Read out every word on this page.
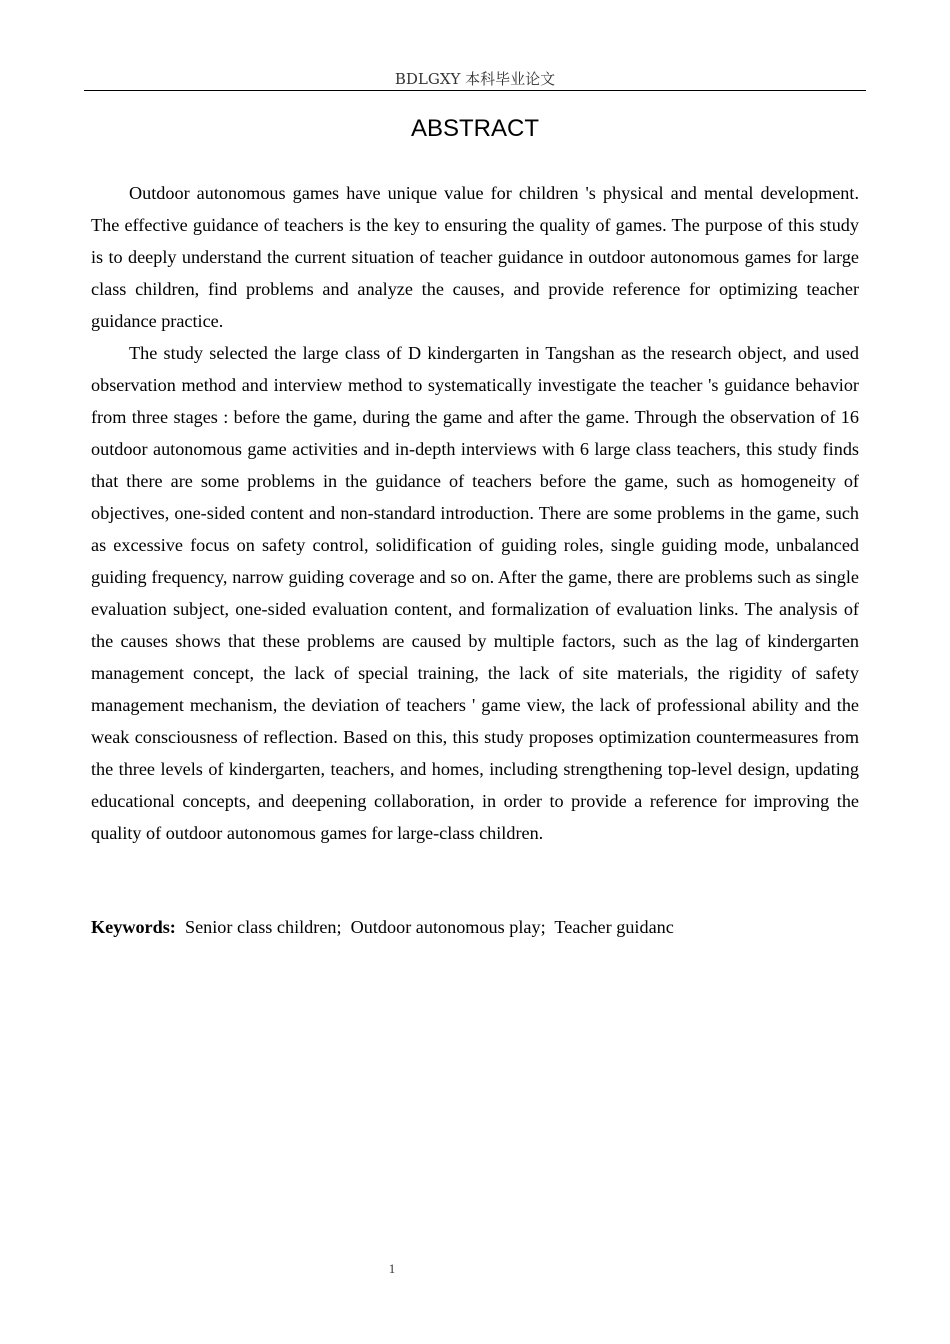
BDLGXY 本科毕业论文
ABSTRACT

Outdoor autonomous games have unique value for children 's physical and mental development. The effective guidance of teachers is the key to ensuring the quality of games. The purpose of this study is to deeply understand the current situation of teacher guidance in outdoor autonomous games for large class children, find problems and analyze the causes, and provide reference for optimizing teacher guidance practice.

The study selected the large class of D kindergarten in Tangshan as the research object, and used observation method and interview method to systematically investigate the teacher 's guidance behavior from three stages : before the game, during the game and after the game. Through the observation of 16 outdoor autonomous game activities and in-depth interviews with 6 large class teachers, this study finds that there are some problems in the guidance of teachers before the game, such as homogeneity of objectives, one-sided content and non-standard introduction. There are some problems in the game, such as excessive focus on safety control, solidification of guiding roles, single guiding mode, unbalanced guiding frequency, narrow guiding coverage and so on. After the game, there are problems such as single evaluation subject, one-sided evaluation content, and formalization of evaluation links. The analysis of the causes shows that these problems are caused by multiple factors, such as the lag of kindergarten management concept, the lack of special training, the lack of site materials, the rigidity of safety management mechanism, the deviation of teachers ' game view, the lack of professional ability and the weak consciousness of reflection. Based on this, this study proposes optimization countermeasures from the three levels of kindergarten, teachers, and homes, including strengthening top-level design, updating educational concepts, and deepening collaboration, in order to provide a reference for improving the quality of outdoor autonomous games for large-class children.

Keywords: Senior class children; Outdoor autonomous play; Teacher guidanc
1
